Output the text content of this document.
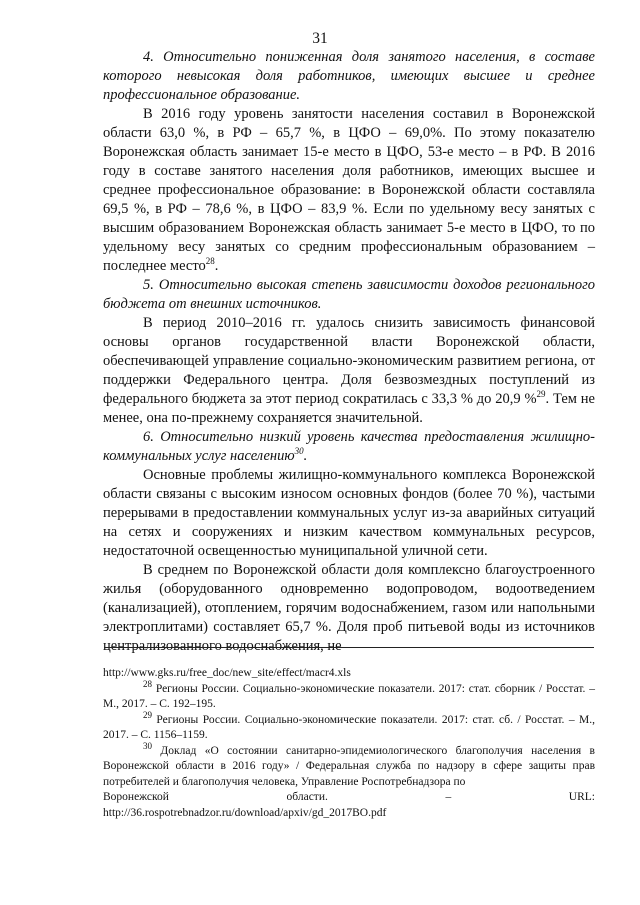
31

4. Относительно пониженная доля занятого населения, в составе которого невысокая доля работников, имеющих высшее и среднее профессиональное образование.

В 2016 году уровень занятости населения составил в Воронежской области 63,0 %, в РФ – 65,7 %, в ЦФО – 69,0%. По этому показателю Воронежская область занимает 15-е место в ЦФО, 53-е место – в РФ. В 2016 году в составе занятого населения доля работников, имеющих высшее и среднее профессиональное образование: в Воронежской области составляла 69,5 %, в РФ – 78,6 %, в ЦФО – 83,9 %. Если по удельному весу занятых с высшим образованием Воронежская область занимает 5-е место в ЦФО, то по удельному весу занятых со средним профессиональным образованием – последнее место$^{28}$.

5. Относительно высокая степень зависимости доходов регионального бюджета от внешних источников.

В период 2010–2016 гг. удалось снизить зависимость финансовой основы органов государственной власти Воронежской области, обеспечивающей управление социально-экономическим развитием региона, от поддержки Федерального центра. Доля безвозмездных поступлений из федерального бюджета за этот период сократилась с 33,3 % до 20,9 %$^{29}$. Тем не менее, она по-прежнему сохраняется значительной.

6. Относительно низкий уровень качества предоставления жилищно-коммунальных услуг населению$^{30}$.

Основные проблемы жилищно-коммунального комплекса Воронежской области связаны с высоким износом основных фондов (более 70 %), частыми перерывами в предоставлении коммунальных услуг из-за аварийных ситуаций на сетях и сооружениях и низким качеством коммунальных ресурсов, недостаточной освещенностью муниципальной уличной сети.

В среднем по Воронежской области доля комплексно благоустроенного жилья (оборудованного одновременно водопроводом, водоотведением (канализацией), отоплением, горячим водоснабжением, газом или напольными электроплитами) составляет 65,7 %. Доля проб питьевой воды из источников централизованного водоснабжения, не

http://www.gks.ru/free_doc/new_site/effect/macr4.xls

$^{28}$ Регионы России. Социально-экономические показатели. 2017: стат. сборник / Росстат. – М., 2017. – С. 192–195.

$^{29}$ Регионы России. Социально-экономические показатели. 2017: стат. сб. / Росстат. – М., 2017. – С. 1156–1159.

$^{30}$ Доклад «О состоянии санитарно-эпидемиологического благополучия населения в Воронежской области в 2016 году» / Федеральная служба по надзору в сфере защиты прав потребителей и благополучия человека, Управление Роспотребнадзора по

Воронежской	области.	–	URL:

http://36.rospotrebnadzor.ru/download/apxiv/gd_2017BO.pdf
